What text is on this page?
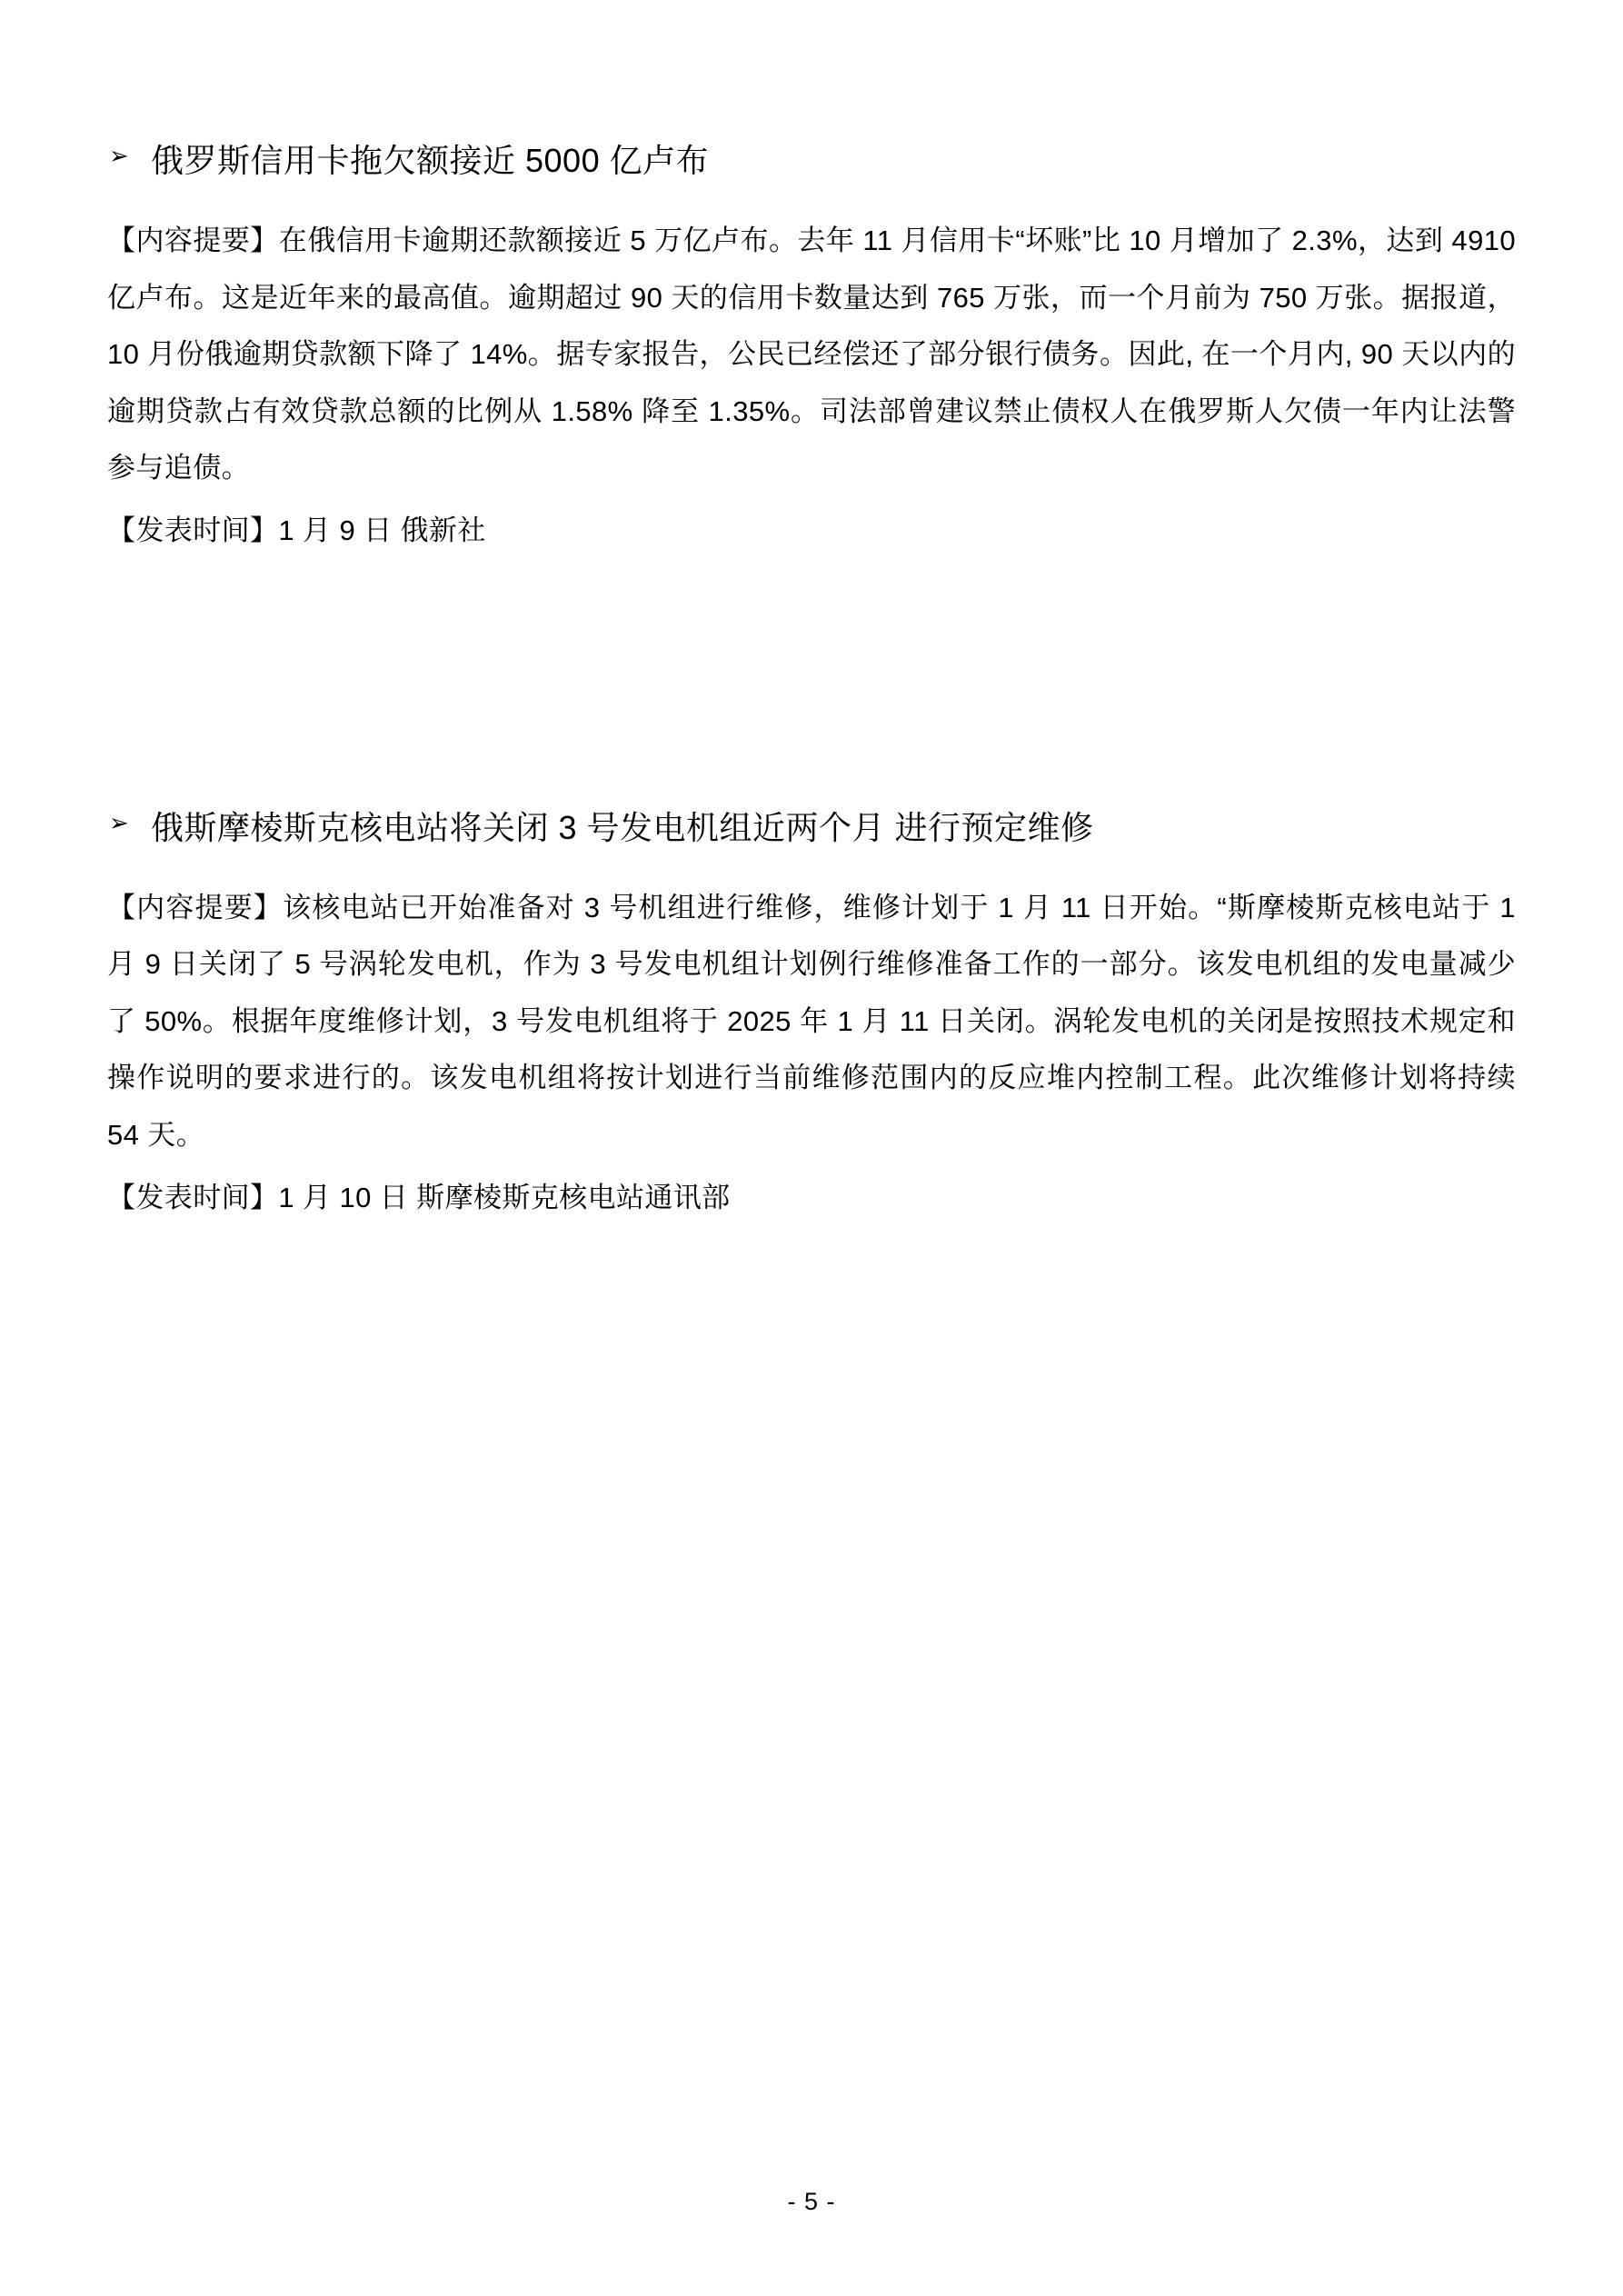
➢ 俄罗斯信用卡拖欠额接近 5000 亿卢布

【内容提要】在俄信用卡逾期还款额接近 5 万亿卢布。去年 11 月信用卡“坏账”比 10 月增加了 2.3%，达到 4910 亿卢布。这是近年来的最高值。逾期超过 90 天的信用卡数量达到 765 万张，而一个月前为 750 万张。据报道，10 月份俄逾期贷款额下降了 14%。据专家报告，公民已经偿还了部分银行债务。因此, 在一个月内, 90 天以内的逾期贷款占有效贷款总额的比例从 1.58% 降至 1.35%。司法部曾建议禁止债权人在俄罗斯人欠债一年内让法警参与追债。

【发表时间】1 月 9 日 俄新社

➢ 俄斯摩棱斯克核电站将关闭 3 号发电机组近两个月 进行预定维修

【内容提要】该核电站已开始准备对 3 号机组进行维修，维修计划于 1 月 11 日开始。“斯摩棱斯克核电站于 1 月 9 日关闭了 5 号涡轮发电机，作为 3 号发电机组计划例行维修准备工作的一部分。该发电机组的发电量减少了 50%。根据年度维修计划，3 号发电机组将于 2025 年 1 月 11 日关闭。涡轮发电机的关闭是按照技术规定和操作说明的要求进行的。该发电机组将按计划进行当前维修范围内的反应堆内控制工程。此次维修计划将持续 54 天。

【发表时间】1 月 10 日 斯摩棱斯克核电站通讯部

- 5 -
